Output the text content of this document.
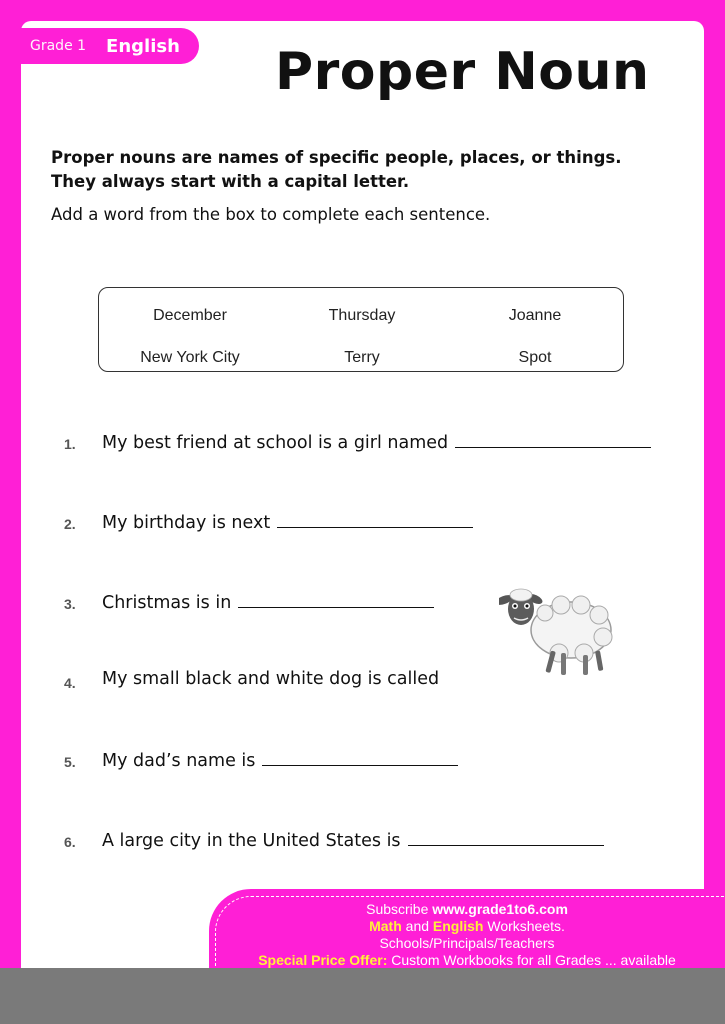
Grade 1 English Proper Noun
Proper nouns are names of specific people, places, or things.
They always start with a capital letter.
Add a word from the box to complete each sentence.
December	Thursday	Joanne
New York City	Terry	Spot
1. My best friend at school is a girl named
2. My birthday is next
3. Christmas is in
4. My small black and white dog is called
5. My dad’s name is
6. A large city in the United States is
Subscribe www.grade1to6.com
Math and English Worksheets.
Schools/Principals/Teachers
Special Price Offer: Custom Workbooks for all Grades ... available
